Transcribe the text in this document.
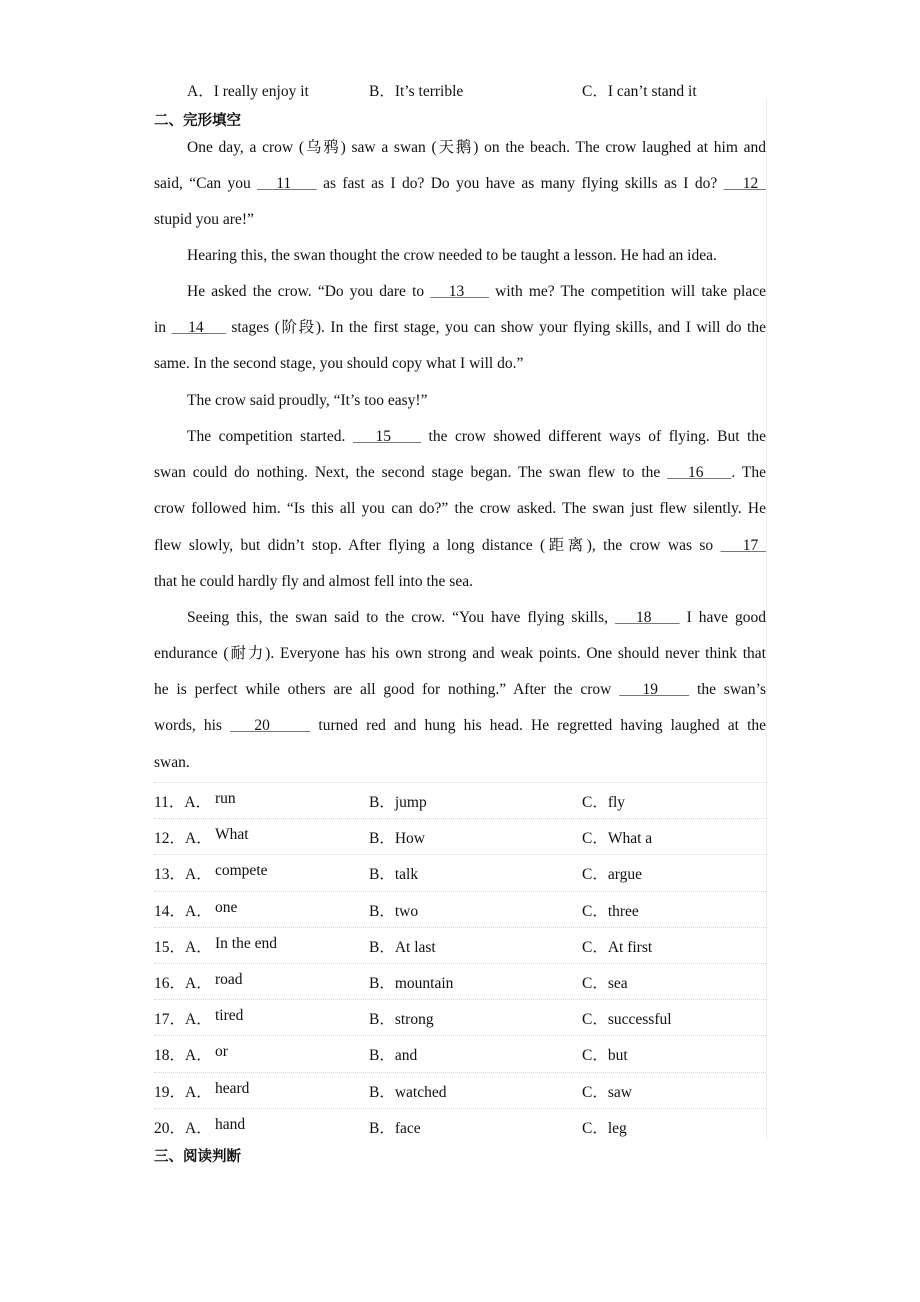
A．I really enjoy it	B．It’s terrible	C．I can’t stand it
二、完形填空
One day, a crow (乌鸦) saw a swan (天鹅) on the beach. The crow laughed at him and
said, “Can you    11     as fast as I do? Do you have as many flying skills as I do?    12
stupid you are!”
Hearing this, the swan thought the crow needed to be taught a lesson. He had an idea.
He asked the crow. “Do you dare to    13     with me? The competition will take place
in    14     stages (阶段). In the first stage, you can show your flying skills, and I will do the
same. In the second stage, you should copy what I will do.”
The crow said proudly, “It’s too easy!”
The competition started.    15     the crow showed different ways of flying. But the
swan could do nothing. Next, the second stage began. The swan flew to the    16    . The
crow followed him. “Is this all you can do?” the crow asked. The swan just flew silently. He
flew slowly, but didn’t stop. After flying a long distance (距离), the crow was so    17
that he could hardly fly and almost fell into the sea.
Seeing this, the swan said to the crow. “You have flying skills,    18     I have good
endurance (耐力). Everyone has his own strong and weak points. One should never think that
he is perfect while others are all good for nothing.” After the crow    19     the swan’s
words, his    20      turned red and hung his head. He regretted having laughed at the
swan.
11．A． run	B．jump	C．fly
12．A． What	B．How	C．What a
13．A． compete	B．talk	C．argue
14．A． one	B．two	C．three
15．A． In the end	B．At last	C．At first
16．A． road	B．mountain	C．sea
17．A． tired	B．strong	C．successful
18．A． or	B．and	C．but
19．A． heard	B．watched	C．saw
20．A． hand	B．face	C．leg
三、阅读判断
